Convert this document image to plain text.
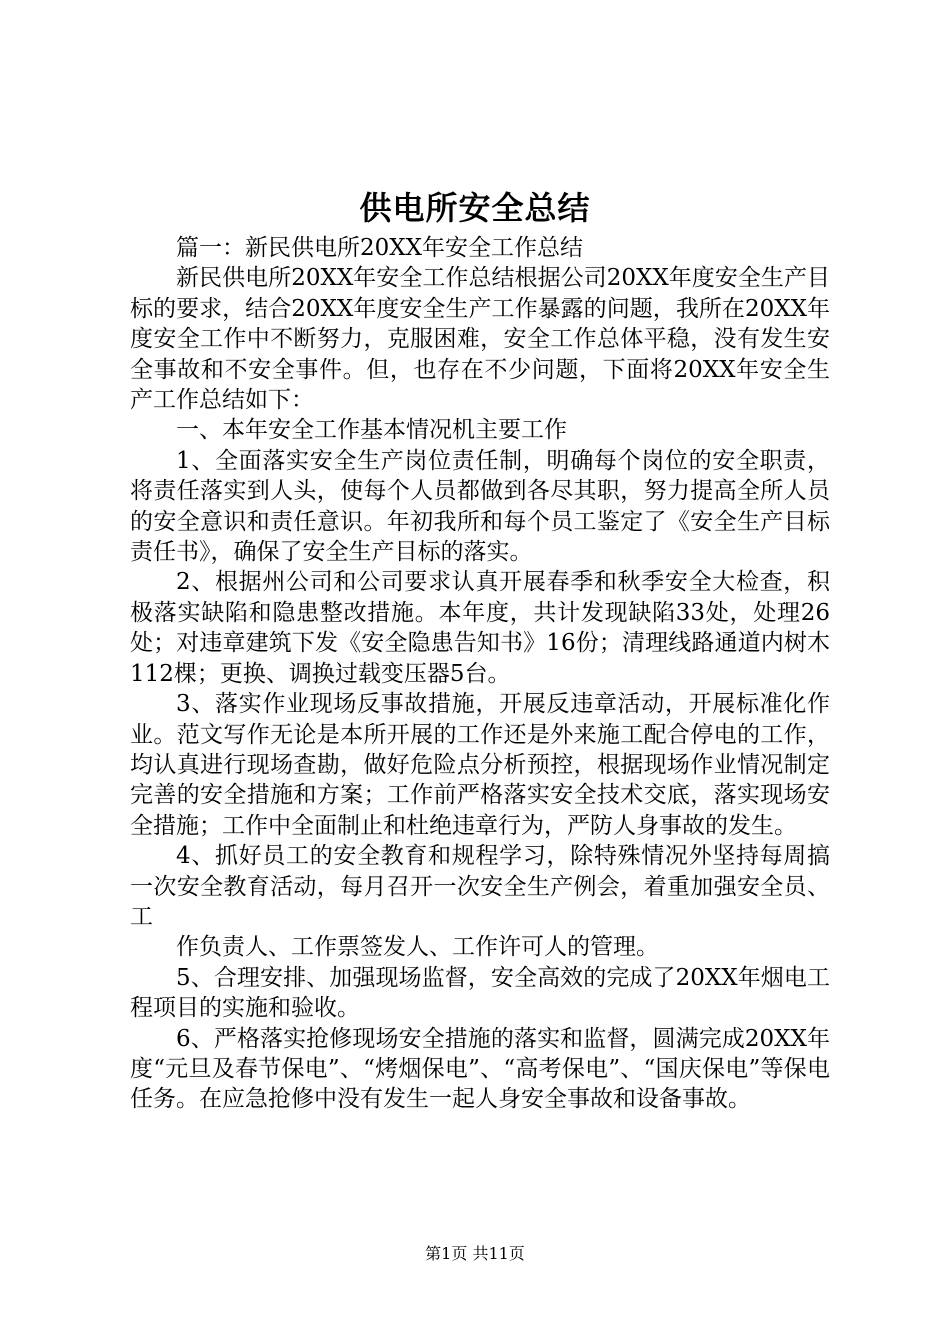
供电所安全总结

篇一：新民供电所20XX年安全工作总结

新民供电所20XX年安全工作总结根据公司20XX年度安全生产目标的要求，结合20XX年度安全生产工作暴露的问题，我所在20XX年度安全工作中不断努力，克服困难，安全工作总体平稳，没有发生安全事故和不安全事件。但，也存在不少问题，下面将20XX年安全生产工作总结如下：

一、本年安全工作基本情况机主要工作

1、全面落实安全生产岗位责任制，明确每个岗位的安全职责，将责任落实到人头，使每个人员都做到各尽其职，努力提高全所人员的安全意识和责任意识。年初我所和每个员工鉴定了《安全生产目标责任书》，确保了安全生产目标的落实。

2、根据州公司和公司要求认真开展春季和秋季安全大检查，积极落实缺陷和隐患整改措施。本年度，共计发现缺陷33处，处理26处；对违章建筑下发《安全隐患告知书》16份；清理线路通道内树木112棵；更换、调换过载变压器5台。

3、落实作业现场反事故措施，开展反违章活动，开展标准化作业。范文写作无论是本所开展的工作还是外来施工配合停电的工作，均认真进行现场查勘，做好危险点分析预控，根据现场作业情况制定完善的安全措施和方案；工作前严格落实安全技术交底，落实现场安全措施；工作中全面制止和杜绝违章行为，严防人身事故的发生。

4、抓好员工的安全教育和规程学习，除特殊情况外坚持每周搞一次安全教育活动，每月召开一次安全生产例会，着重加强安全员、工

作负责人、工作票签发人、工作许可人的管理。

5、合理安排、加强现场监督，安全高效的完成了20XX年烟电工程项目的实施和验收。

6、严格落实抢修现场安全措施的落实和监督，圆满完成20XX年度“元旦及春节保电”、“烤烟保电”、“高考保电”、“国庆保电”等保电任务。在应急抢修中没有发生一起人身安全事故和设备事故。

第1页 共11页
